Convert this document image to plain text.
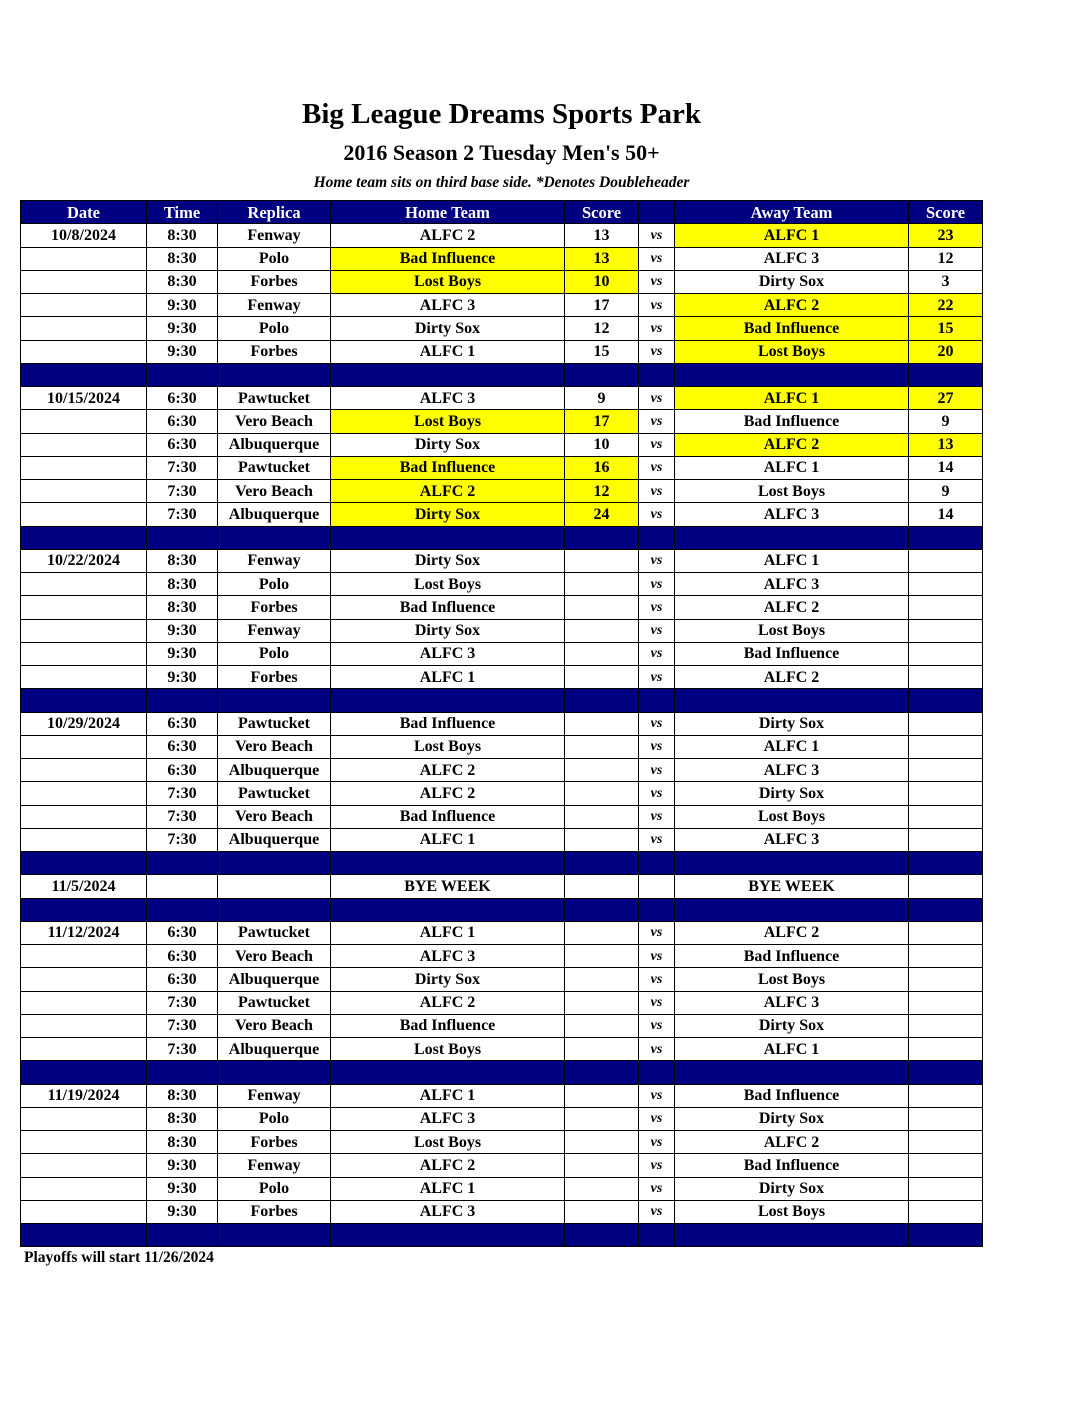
Big League Dreams Sports Park
2016 Season 2 Tuesday Men's 50+
Home team sits on third base side. *Denotes Doubleheader
Date	Time	Replica	Home Team	Score		Away Team	Score
10/8/2024	8:30	Fenway	ALFC 2	13	vs	ALFC 1	23
	8:30	Polo	Bad Influence	13	vs	ALFC 3	12
	8:30	Forbes	Lost Boys	10	vs	Dirty Sox	3
	9:30	Fenway	ALFC 3	17	vs	ALFC 2	22
	9:30	Polo	Dirty Sox	12	vs	Bad Influence	15
	9:30	Forbes	ALFC 1	15	vs	Lost Boys	20

10/15/2024	6:30	Pawtucket	ALFC 3	9	vs	ALFC 1	27
	6:30	Vero Beach	Lost Boys	17	vs	Bad Influence	9
	6:30	Albuquerque	Dirty Sox	10	vs	ALFC 2	13
	7:30	Pawtucket	Bad Influence	16	vs	ALFC 1	14
	7:30	Vero Beach	ALFC 2	12	vs	Lost Boys	9
	7:30	Albuquerque	Dirty Sox	24	vs	ALFC 3	14

10/22/2024	8:30	Fenway	Dirty Sox		vs	ALFC 1	
	8:30	Polo	Lost Boys		vs	ALFC 3	
	8:30	Forbes	Bad Influence		vs	ALFC 2	
	9:30	Fenway	Dirty Sox		vs	Lost Boys	
	9:30	Polo	ALFC 3		vs	Bad Influence	
	9:30	Forbes	ALFC 1		vs	ALFC 2	

10/29/2024	6:30	Pawtucket	Bad Influence		vs	Dirty Sox	
	6:30	Vero Beach	Lost Boys		vs	ALFC 1	
	6:30	Albuquerque	ALFC 2		vs	ALFC 3	
	7:30	Pawtucket	ALFC 2		vs	Dirty Sox	
	7:30	Vero Beach	Bad Influence		vs	Lost Boys	
	7:30	Albuquerque	ALFC 1		vs	ALFC 3	

11/5/2024			BYE WEEK			BYE WEEK	

11/12/2024	6:30	Pawtucket	ALFC 1		vs	ALFC 2	
	6:30	Vero Beach	ALFC 3		vs	Bad Influence	
	6:30	Albuquerque	Dirty Sox		vs	Lost Boys	
	7:30	Pawtucket	ALFC 2		vs	ALFC 3	
	7:30	Vero Beach	Bad Influence		vs	Dirty Sox	
	7:30	Albuquerque	Lost Boys		vs	ALFC 1	

11/19/2024	8:30	Fenway	ALFC 1		vs	Bad Influence	
	8:30	Polo	ALFC 3		vs	Dirty Sox	
	8:30	Forbes	Lost Boys		vs	ALFC 2	
	9:30	Fenway	ALFC 2		vs	Bad Influence	
	9:30	Polo	ALFC 1		vs	Dirty Sox	
	9:30	Forbes	ALFC 3		vs	Lost Boys	

Playoffs will start 11/26/2024
